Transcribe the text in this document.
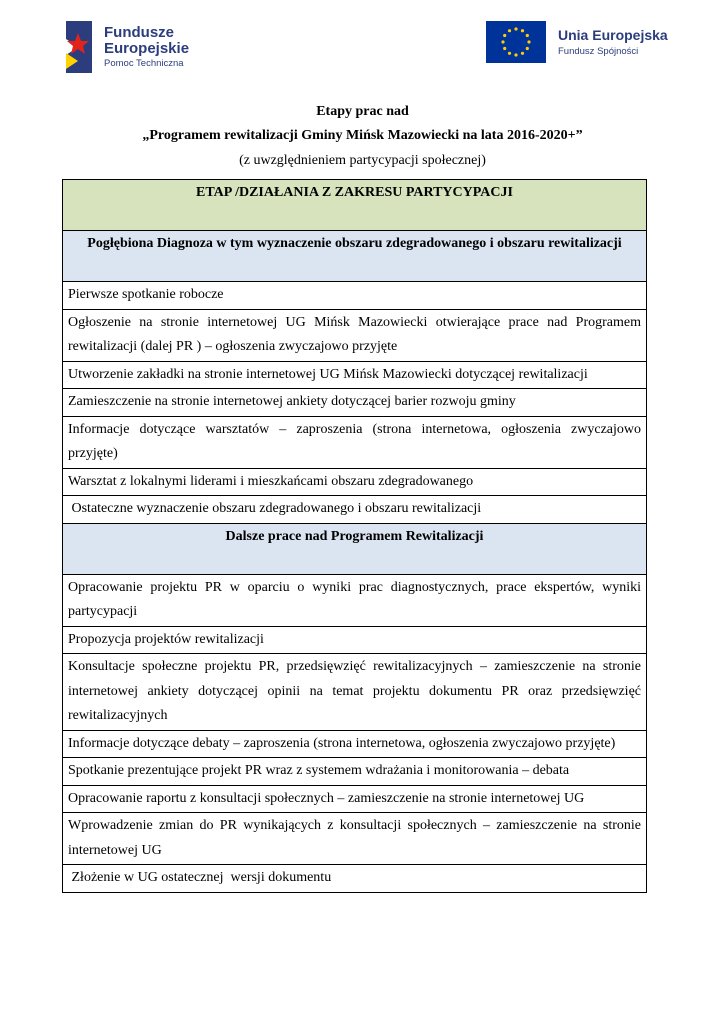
Fundusze
Europejskie
Pomoc Techniczna
Unia Europejska
Fundusz Spójności
Etapy prac nad
„Programem rewitalizacji Gminy Mińsk Mazowiecki na lata 2016-2020+”
(z uwzględnieniem partycypacji społecznej)
ETAP /DZIAŁANIA Z ZAKRESU PARTYCYPACJI
Pogłębiona Diagnoza w tym wyznaczenie obszaru zdegradowanego i obszaru rewitalizacji
Pierwsze spotkanie robocze
Ogłoszenie na stronie internetowej UG Mińsk Mazowiecki otwierające prace nad Programem rewitalizacji (dalej PR ) – ogłoszenia zwyczajowo przyjęte
Utworzenie zakładki na stronie internetowej UG Mińsk Mazowiecki dotyczącej rewitalizacji
Zamieszczenie na stronie internetowej ankiety dotyczącej barier rozwoju gminy
Informacje dotyczące warsztatów – zaproszenia (strona internetowa, ogłoszenia zwyczajowo przyjęte)
Warsztat z lokalnymi liderami i mieszkańcami obszaru zdegradowanego
Ostateczne wyznaczenie obszaru zdegradowanego i obszaru rewitalizacji
Dalsze prace nad Programem Rewitalizacji
Opracowanie projektu PR w oparciu o wyniki prac diagnostycznych, prace ekspertów, wyniki partycypacji
Propozycja projektów rewitalizacji
Konsultacje społeczne projektu PR, przedsięwzięć rewitalizacyjnych – zamieszczenie na stronie internetowej ankiety dotyczącej opinii na temat projektu dokumentu PR oraz przedsięwzięć rewitalizacyjnych
Informacje dotyczące debaty – zaproszenia (strona internetowa, ogłoszenia zwyczajowo przyjęte)
Spotkanie prezentujące projekt PR wraz z systemem wdrażania i monitorowania – debata
Opracowanie raportu z konsultacji społecznych – zamieszczenie na stronie internetowej UG
Wprowadzenie zmian do PR wynikających z konsultacji społecznych – zamieszczenie na stronie internetowej UG
Złożenie w UG ostatecznej  wersji dokumentu
